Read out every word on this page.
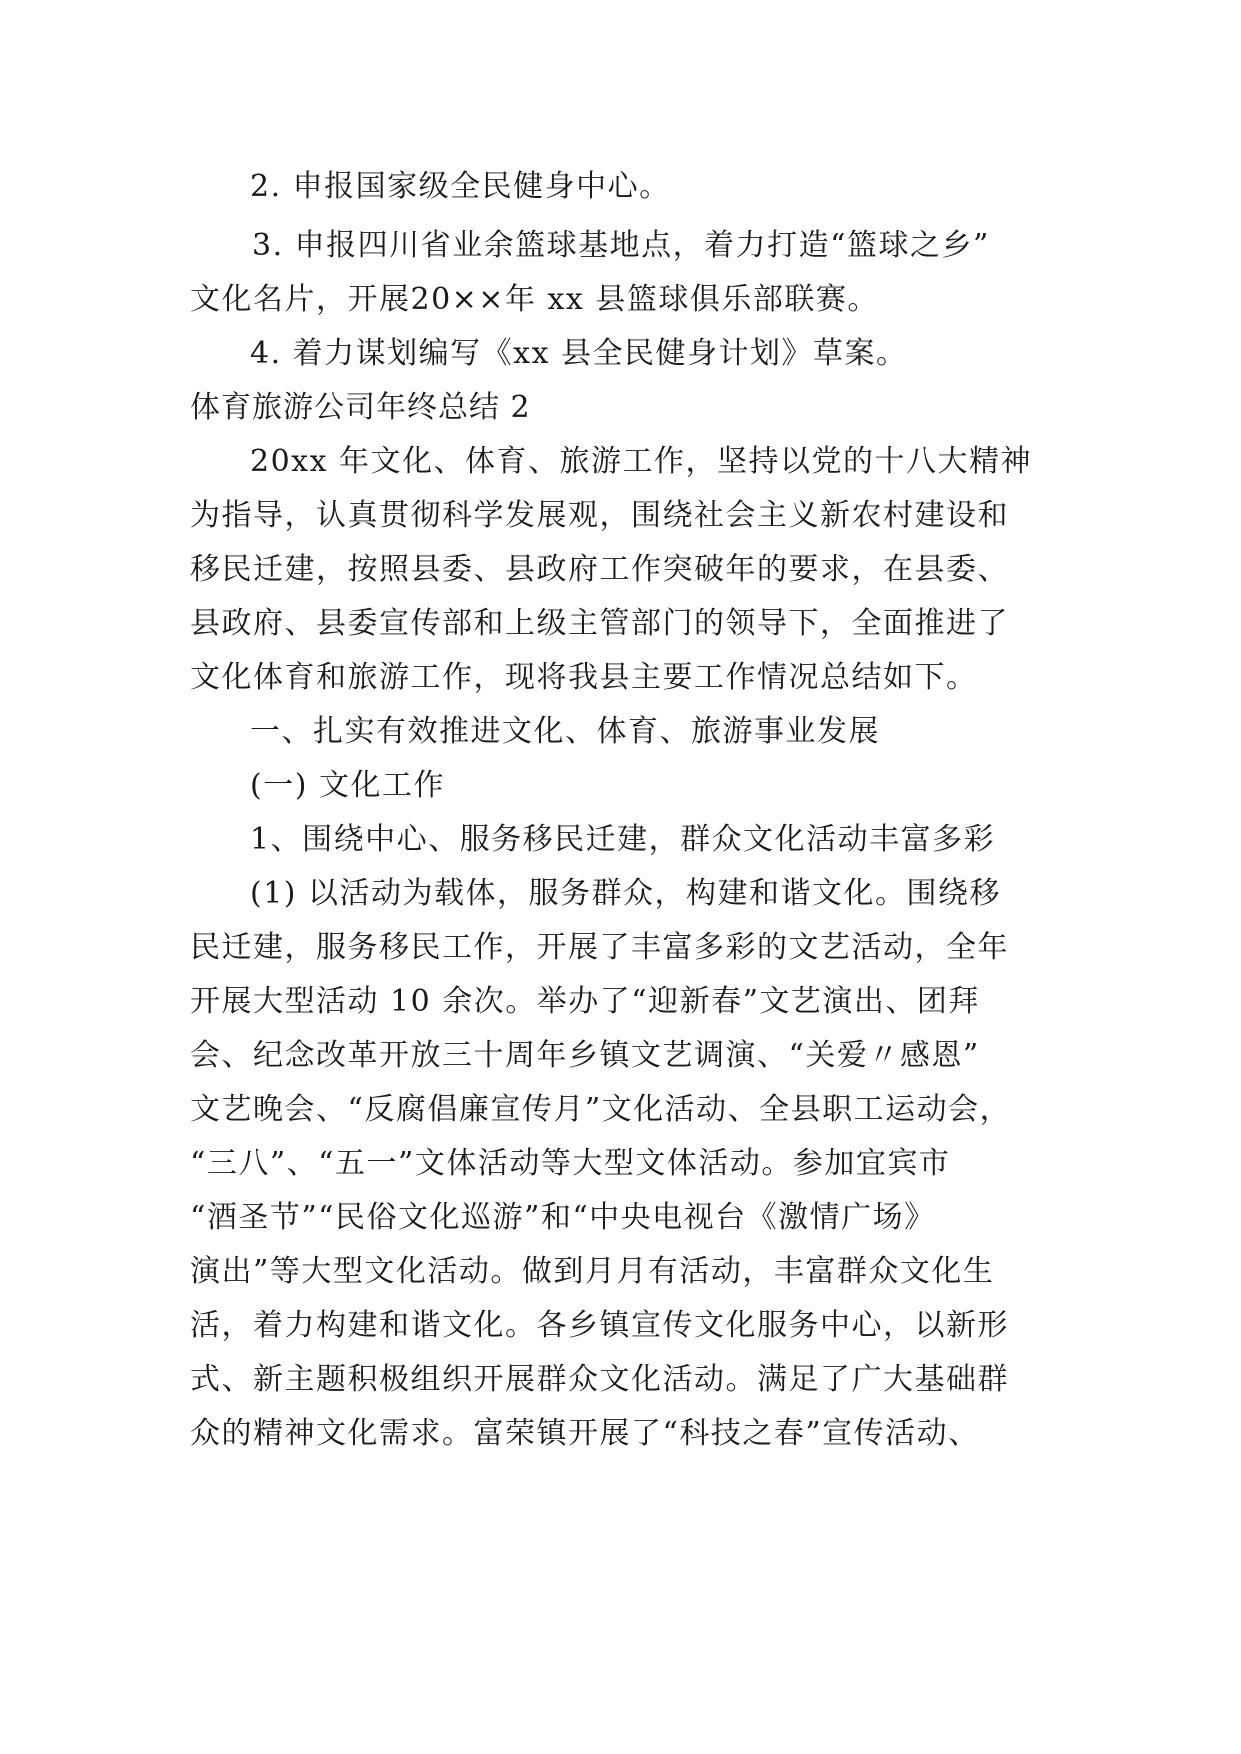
2. 申报国家级全民健身中心。
3. 申报四川省业余篮球基地点，着力打造“篮球之乡”
文化名片，开展20××年 xx 县篮球俱乐部联赛。
4. 着力谋划编写《xx 县全民健身计划》草案。
体育旅游公司年终总结 2
20xx 年文化、体育、旅游工作，坚持以党的十八大精神
为指导，认真贯彻科学发展观，围绕社会主义新农村建设和
移民迁建，按照县委、县政府工作突破年的要求，在县委、
县政府、县委宣传部和上级主管部门的领导下，全面推进了
文化体育和旅游工作，现将我县主要工作情况总结如下。
一、扎实有效推进文化、体育、旅游事业发展
(一) 文化工作
1、围绕中心、服务移民迁建，群众文化活动丰富多彩
(1) 以活动为载体，服务群众，构建和谐文化。围绕移
民迁建，服务移民工作，开展了丰富多彩的文艺活动，全年
开展大型活动 10 余次。举办了“迎新春”文艺演出、团拜
会、纪念改革开放三十周年乡镇文艺调演、“关爱〃感恩”
文艺晚会、“反腐倡廉宣传月”文化活动、全县职工运动会，
“三八”、“五一”文体活动等大型文体活动。参加宜宾市
“酒圣节”“民俗文化巡游”和“中央电视台《激情广场》
演出”等大型文化活动。做到月月有活动，丰富群众文化生
活，着力构建和谐文化。各乡镇宣传文化服务中心，以新形
式、新主题积极组织开展群众文化活动。满足了广大基础群
众的精神文化需求。富荣镇开展了“科技之春”宣传活动、
